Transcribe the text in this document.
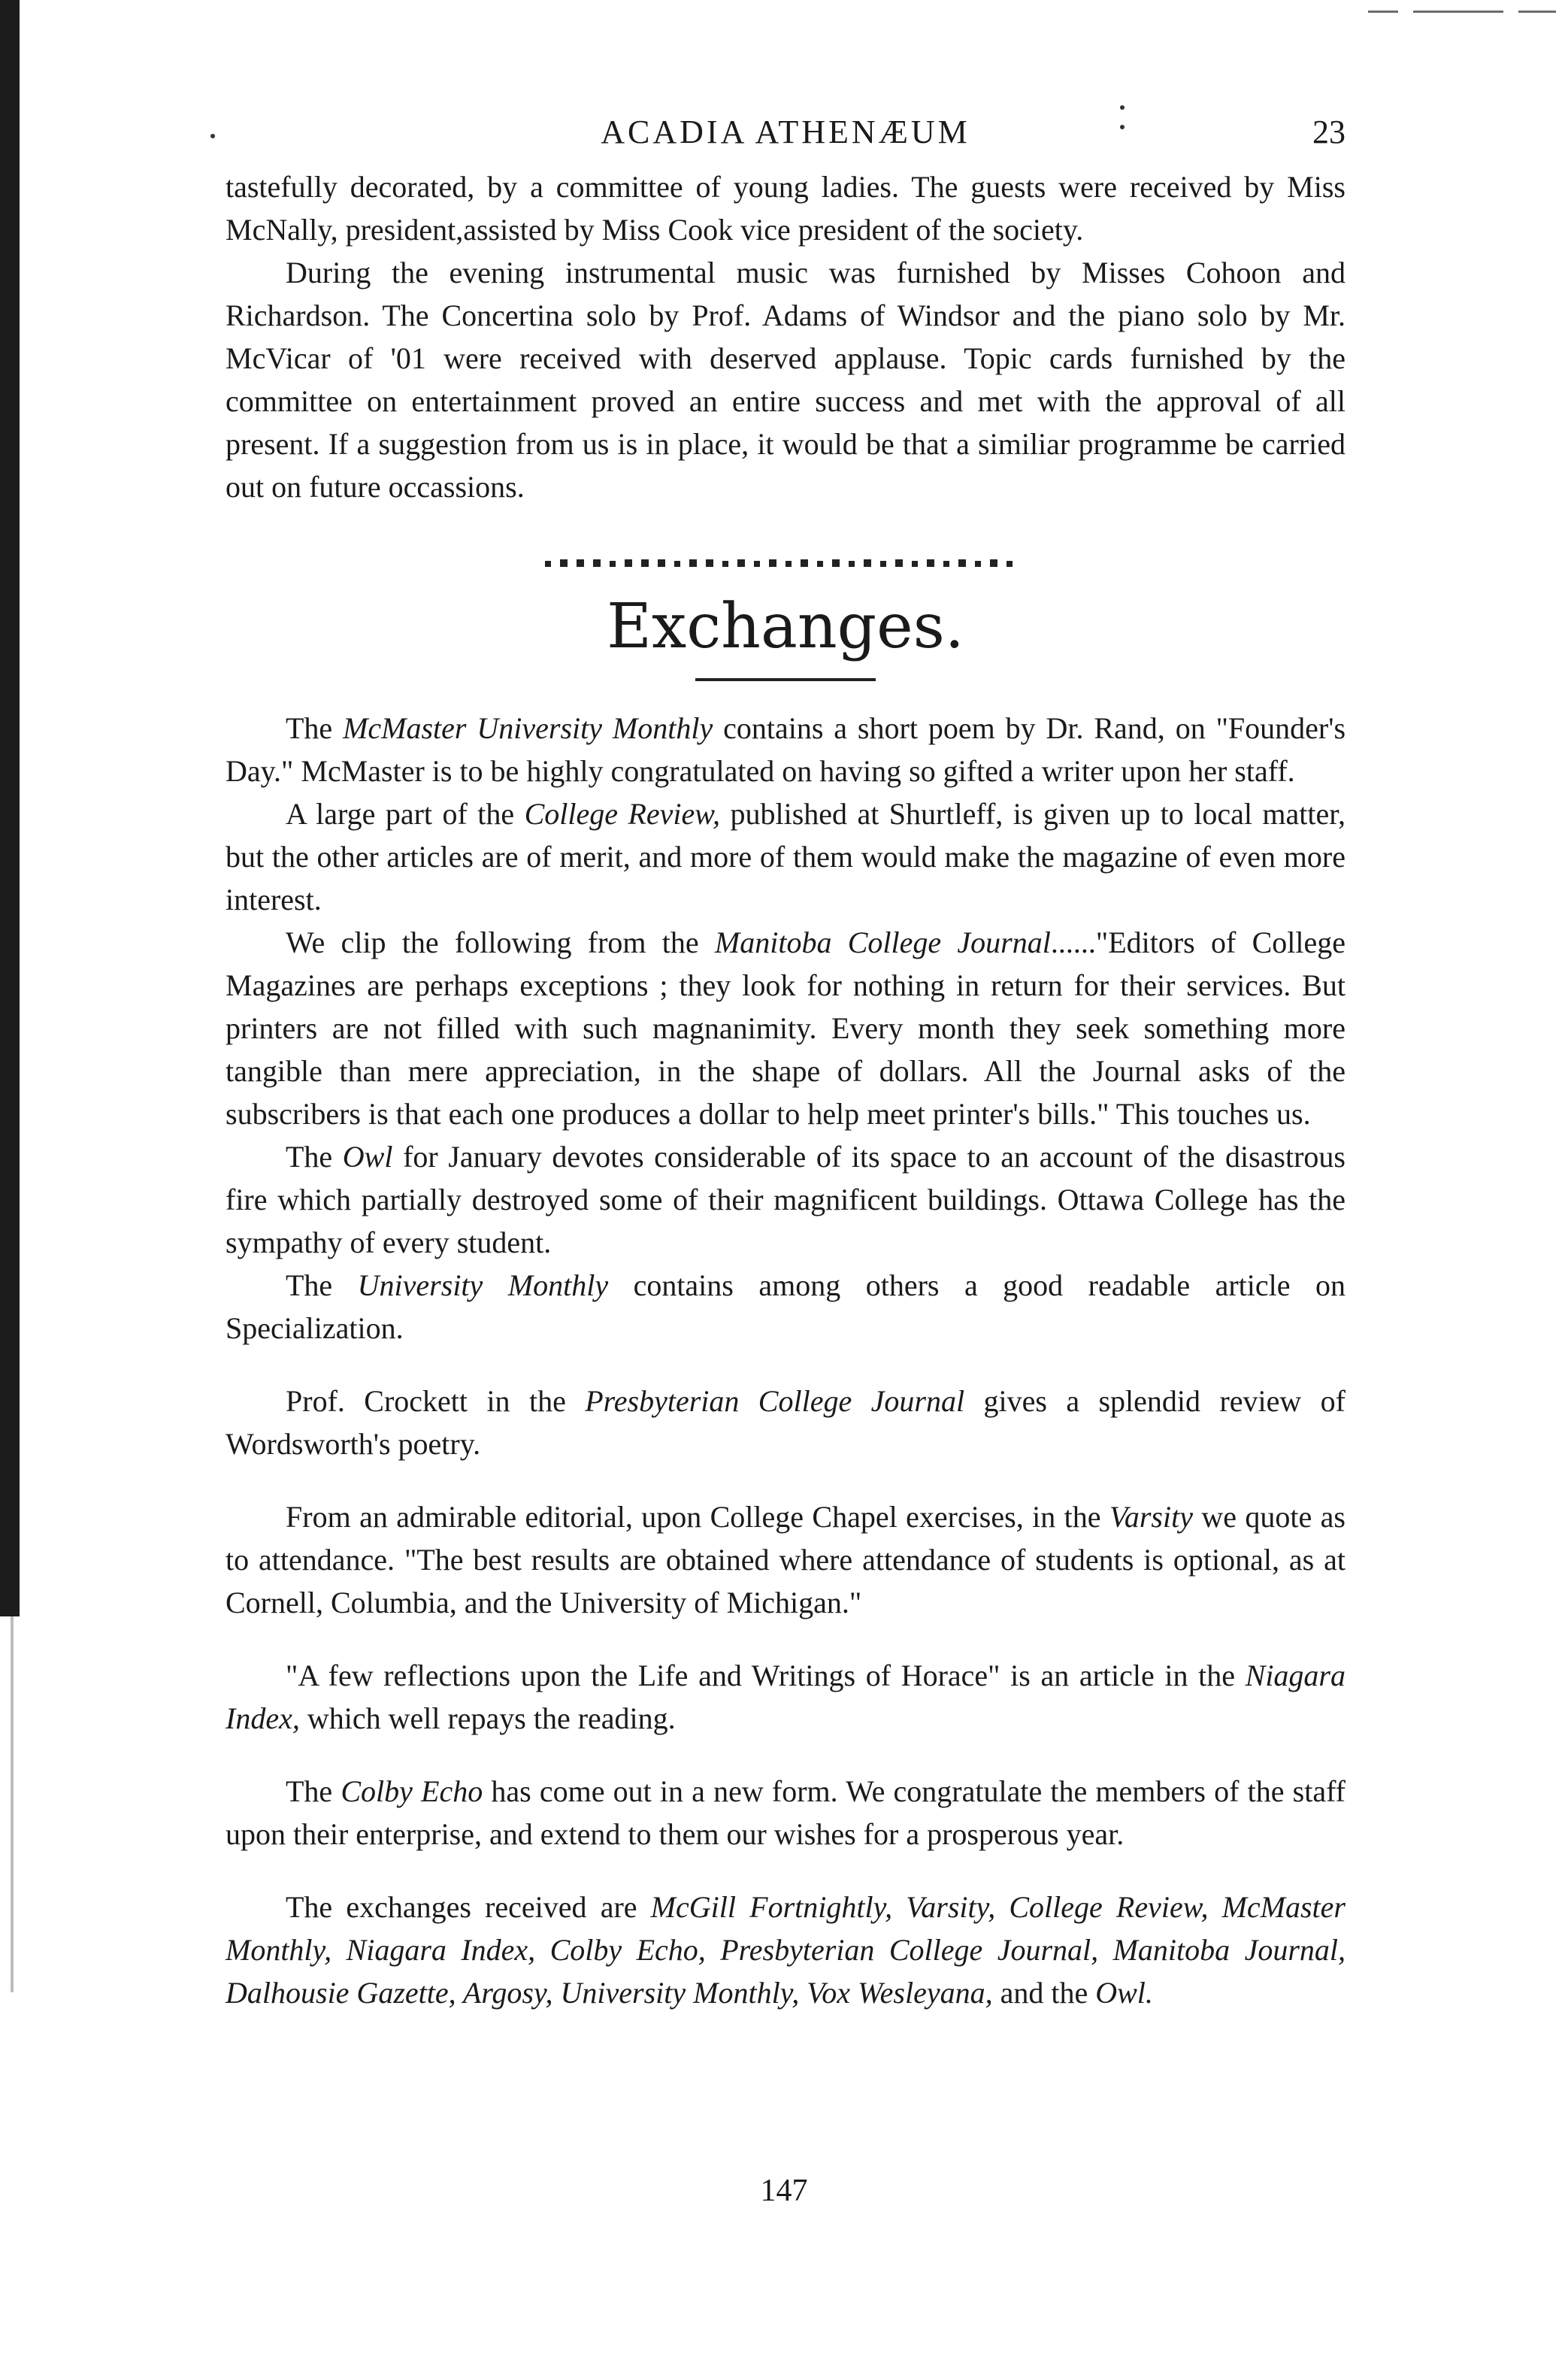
ACADIA ATHENÆUM	23

tastefully decorated, by a committee of young ladies. The guests were received by Miss McNally, president,assisted by Miss Cook vice president of the society.

During the evening instrumental music was furnished by Misses Cohoon and Richardson. The Concertina solo by Prof. Adams of Windsor and the piano solo by Mr. McVicar of '01 were received with deserved applause. Topic cards furnished by the committee on entertainment proved an entire success and met with the approval of all present. If a suggestion from us is in place, it would be that a similiar programme be carried out on future occassions.

Exchanges.

The McMaster University Monthly contains a short poem by Dr. Rand, on "Founder's Day." McMaster is to be highly congratulated on having so gifted a writer upon her staff.

A large part of the College Review, published at Shurtleff, is given up to local matter, but the other articles are of merit, and more of them would make the magazine of even more interest.

We clip the following from the Manitoba College Journal......"Editors of College Magazines are perhaps exceptions ; they look for nothing in return for their services. But printers are not filled with such magnanimity. Every month they seek something more tangible than mere appreciation, in the shape of dollars. All the Journal asks of the subscribers is that each one produces a dollar to help meet printer's bills." This touches us.

The Owl for January devotes considerable of its space to an account of the disastrous fire which partially destroyed some of their magnificent buildings. Ottawa College has the sympathy of every student.

The University Monthly contains among others a good readable article on Specialization.

Prof. Crockett in the Presbyterian College Journal gives a splendid review of Wordsworth's poetry.

From an admirable editorial, upon College Chapel exercises, in the Varsity we quote as to attendance. "The best results are obtained where attendance of students is optional, as at Cornell, Columbia, and the University of Michigan."

"A few reflections upon the Life and Writings of Horace" is an article in the Niagara Index, which well repays the reading.

The Colby Echo has come out in a new form. We congratulate the members of the staff upon their enterprise, and extend to them our wishes for a prosperous year.

The exchanges received are McGill Fortnightly, Varsity, College Review, McMaster Monthly, Niagara Index, Colby Echo, Presbyterian College Journal, Manitoba Journal, Dalhousie Gazette, Argosy, University Monthly, Vox Wesleyana, and the Owl.

147
